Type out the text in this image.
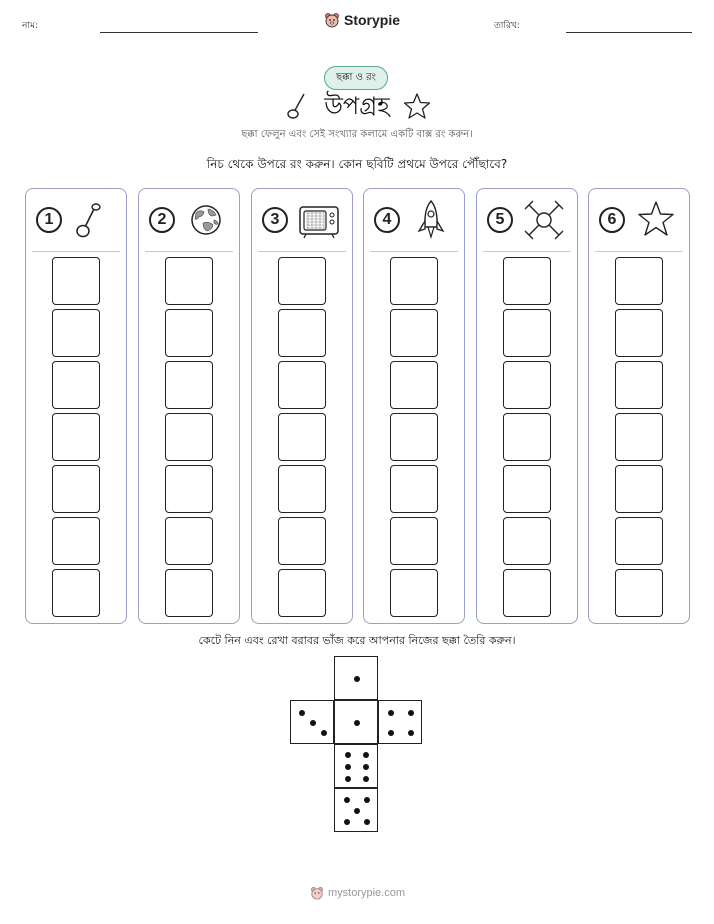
নাম:	Storypie	তারিখ:
ছক্কা ও রং
উপগ্রহ
ছক্কা ফেলুন এবং সেই সংখ্যার কলামে একটি বাক্স রং করুন।
নিচ থেকে উপরে রং করুন। কোন ছবিটি প্রথমে উপরে পৌঁছাবে?
1	2	3	4	5	6
কেটে নিন এবং রেখা বরাবর ভাঁজ করে আপনার নিজের ছক্কা তৈরি করুন।
mystorypie.com
